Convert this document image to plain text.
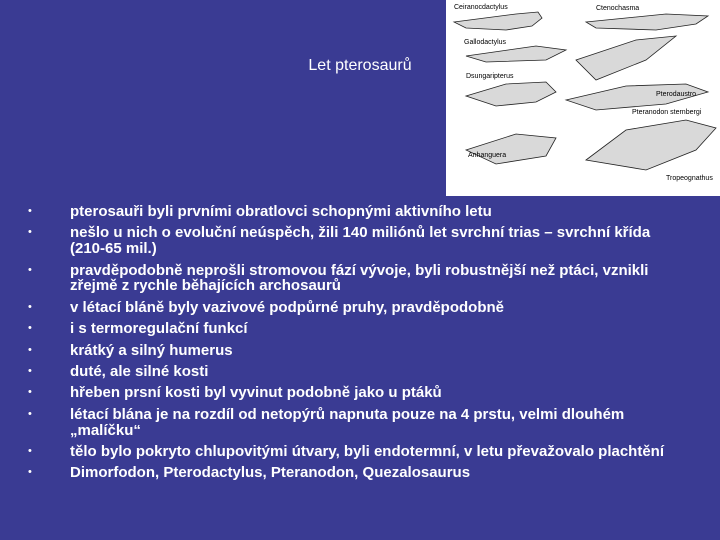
Let pterosaurů
Ceiranocdactylus	Ctenochasma
Gallodactylus
Dsungaripterus
Pterodaustro
Pteranodon sternbergi
Anhanguera
Tropeognathus
•	pterosauři byli prvními obratlovci schopnými aktivního letu
•	nešlo u nich o evoluční neúspěch, žili 140 miliónů let svrchní trias – svrchní křída (210-65 mil.)
•	pravděpodobně neprošli stromovou fází vývoje, byli robustnější než ptáci, vznikli zřejmě z rychle běhajících archosaurů
•	v létací bláně byly vazivové podpůrné pruhy, pravděpodobně
•	i s termoregulační funkcí
•	krátký a silný humerus
•	duté, ale silné kosti
•	hřeben prsní kosti byl vyvinut podobně jako u ptáků
•	létací blána je na rozdíl od netopýrů napnuta pouze na 4 prstu, velmi dlouhém „malíčku“
•	tělo bylo pokryto chlupovitými útvary, byli endotermní, v letu převažovalo plachtění
•	Dimorfodon, Pterodactylus, Pteranodon, Quezalosaurus
